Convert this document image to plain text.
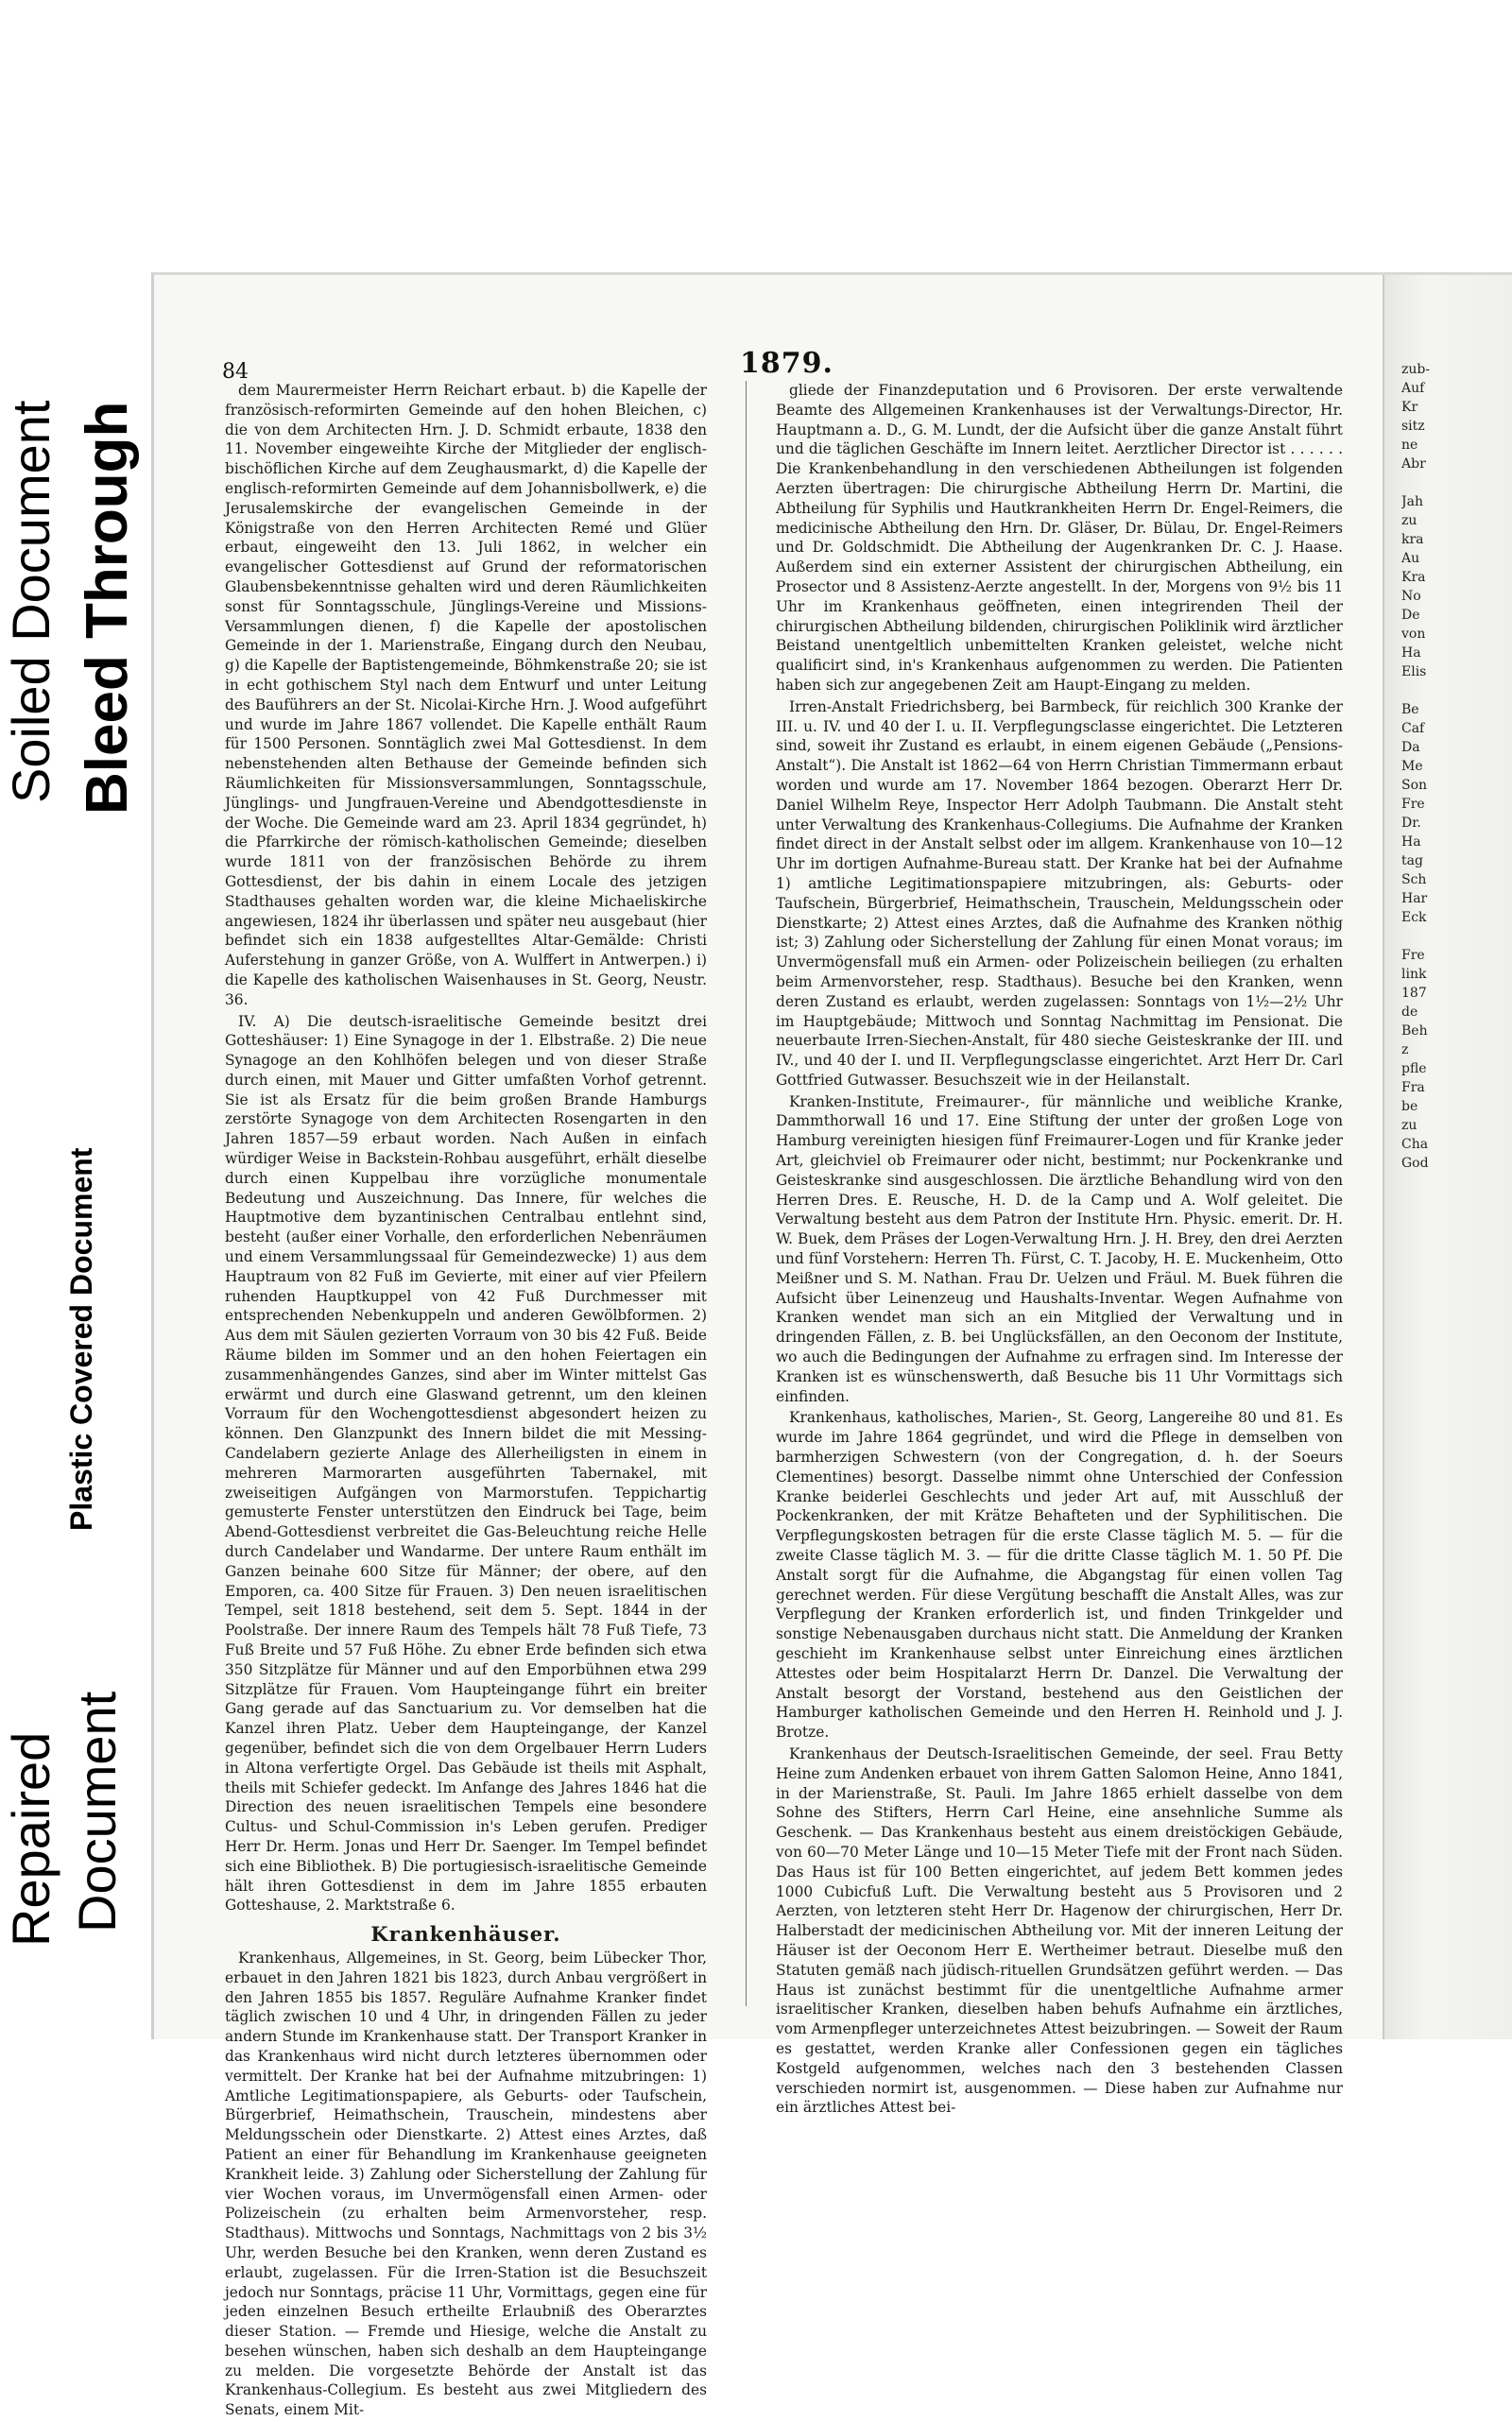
Soiled Document Bleed Through
Plastic Covered Document
Repaired Document
zub-
Auf
Kr
sitz
ne
Abr

Jah
zu
kra
Au
Kra
No
De
von
Ha
Elis

Be
Caf
Da
Me
Son
Fre
Dr.
Ha
tag
Sch
Har
Eck

Fre
link
187
de
Beh
z
pfle
Fra
be
zu
Cha
God
84	1879.

dem Maurermeister Herrn Reichart erbaut. b) die Kapelle der französisch-reformirten Gemeinde auf den hohen Bleichen, c) die von dem Architecten Hrn. J. D. Schmidt erbaute, 1838 den 11. November eingeweihte Kirche der Mitglieder der englisch-bischöflichen Kirche auf dem Zeughausmarkt, d) die Kapelle der englisch-reformirten Gemeinde auf dem Johannisbollwerk, e) die Jerusalemskirche der evangelischen Gemeinde in der Königstraße von den Herren Architecten Remé und Glüer erbaut, eingeweiht den 13. Juli 1862, in welcher ein evangelischer Gottesdienst auf Grund der reformatorischen Glaubensbekenntnisse gehalten wird und deren Räumlichkeiten sonst für Sonntagsschule, Jünglings-Vereine und Missions-Versammlungen dienen, f) die Kapelle der apostolischen Gemeinde in der 1. Marienstraße, Eingang durch den Neubau, g) die Kapelle der Baptistengemeinde, Böhmkenstraße 20; sie ist in echt gothischem Styl nach dem Entwurf und unter Leitung des Bauführers an der St. Nicolai-Kirche Hrn. J. Wood aufgeführt und wurde im Jahre 1867 vollendet. Die Kapelle enthält Raum für 1500 Personen. Sonntäglich zwei Mal Gottesdienst. In dem nebenstehenden alten Bethause der Gemeinde befinden sich Räumlichkeiten für Missionsversammlungen, Sonntagsschule, Jünglings- und Jungfrauen-Vereine und Abendgottesdienste in der Woche. Die Gemeinde ward am 23. April 1834 gegründet, h) die Pfarrkirche der römisch-katholischen Gemeinde; dieselben wurde 1811 von der französischen Behörde zu ihrem Gottesdienst, der bis dahin in einem Locale des jetzigen Stadthauses gehalten worden war, die kleine Michaeliskirche angewiesen, 1824 ihr überlassen und später neu ausgebaut (hier befindet sich ein 1838 aufgestelltes Altar-Gemälde: Christi Auferstehung in ganzer Größe, von A. Wulffert in Antwerpen.) i) die Kapelle des katholischen Waisenhauses in St. Georg, Neustr. 36.

IV. A) Die deutsch-israelitische Gemeinde besitzt drei Gotteshäuser: 1) Eine Synagoge in der 1. Elbstraße. 2) Die neue Synagoge an den Kohlhöfen belegen und von dieser Straße durch einen, mit Mauer und Gitter umfaßten Vorhof getrennt. Sie ist als Ersatz für die beim großen Brande Hamburgs zerstörte Synagoge von dem Architecten Rosengarten in den Jahren 1857—59 erbaut worden. Nach Außen in einfach würdiger Weise in Backstein-Rohbau ausgeführt, erhält dieselbe durch einen Kuppelbau ihre vorzügliche monumentale Bedeutung und Auszeichnung. Das Innere, für welches die Hauptmotive dem byzantinischen Centralbau entlehnt sind, besteht (außer einer Vorhalle, den erforderlichen Nebenräumen und einem Versammlungssaal für Gemeindezwecke) 1) aus dem Hauptraum von 82 Fuß im Gevierte, mit einer auf vier Pfeilern ruhenden Hauptkuppel von 42 Fuß Durchmesser mit entsprechenden Nebenkuppeln und anderen Gewölbformen. 2) Aus dem mit Säulen gezierten Vorraum von 30 bis 42 Fuß. Beide Räume bilden im Sommer und an den hohen Feiertagen ein zusammenhängendes Ganzes, sind aber im Winter mittelst Gas erwärmt und durch eine Glaswand getrennt, um den kleinen Vorraum für den Wochengottesdienst abgesondert heizen zu können. Den Glanzpunkt des Innern bildet die mit Messing-Candelabern gezierte Anlage des Allerheiligsten in einem in mehreren Marmorarten ausgeführten Tabernakel, mit zweiseitigen Aufgängen von Marmorstufen. Teppichartig gemusterte Fenster unterstützen den Eindruck bei Tage, beim Abend-Gottesdienst verbreitet die Gas-Beleuchtung reiche Helle durch Candelaber und Wandarme. Der untere Raum enthält im Ganzen beinahe 600 Sitze für Männer; der obere, auf den Emporen, ca. 400 Sitze für Frauen. 3) Den neuen israelitischen Tempel, seit 1818 bestehend, seit dem 5. Sept. 1844 in der Poolstraße. Der innere Raum des Tempels hält 78 Fuß Tiefe, 73 Fuß Breite und 57 Fuß Höhe. Zu ebner Erde befinden sich etwa 350 Sitzplätze für Männer und auf den Emporbühnen etwa 299 Sitzplätze für Frauen. Vom Haupteingange führt ein breiter Gang gerade auf das Sanctuarium zu. Vor demselben hat die Kanzel ihren Platz. Ueber dem Haupteingange, der Kanzel gegenüber, befindet sich die von dem Orgelbauer Herrn Luders in Altona verfertigte Orgel. Das Gebäude ist theils mit Asphalt, theils mit Schiefer gedeckt. Im Anfange des Jahres 1846 hat die Direction des neuen israelitischen Tempels eine besondere Cultus- und Schul-Commission in's Leben gerufen. Prediger Herr Dr. Herm. Jonas und Herr Dr. Saenger. Im Tempel befindet sich eine Bibliothek. B) Die portugiesisch-israelitische Gemeinde hält ihren Gottesdienst in dem im Jahre 1855 erbauten Gotteshause, 2. Marktstraße 6.

Krankenhäuser.

Krankenhaus, Allgemeines, in St. Georg, beim Lübecker Thor, erbauet in den Jahren 1821 bis 1823, durch Anbau vergrößert in den Jahren 1855 bis 1857. Reguläre Aufnahme Kranker findet täglich zwischen 10 und 4 Uhr, in dringenden Fällen zu jeder andern Stunde im Krankenhause statt. Der Transport Kranker in das Krankenhaus wird nicht durch letzteres übernommen oder vermittelt. Der Kranke hat bei der Aufnahme mitzubringen: 1) Amtliche Legitimationspapiere, als Geburts- oder Taufschein, Bürgerbrief, Heimathschein, Trauschein, mindestens aber Meldungsschein oder Dienstkarte. 2) Attest eines Arztes, daß Patient an einer für Behandlung im Krankenhause geeigneten Krankheit leide. 3) Zahlung oder Sicherstellung der Zahlung für vier Wochen voraus, im Unvermögensfall einen Armen- oder Polizeischein (zu erhalten beim Armenvorsteher, resp. Stadthaus). Mittwochs und Sonntags, Nachmittags von 2 bis 3½ Uhr, werden Besuche bei den Kranken, wenn deren Zustand es erlaubt, zugelassen. Für die Irren-Station ist die Besuchszeit jedoch nur Sonntags, präcise 11 Uhr, Vormittags, gegen eine für jeden einzelnen Besuch ertheilte Erlaubniß des Oberarztes dieser Station. — Fremde und Hiesige, welche die Anstalt zu besehen wünschen, haben sich deshalb an dem Haupteingange zu melden. Die vorgesetzte Behörde der Anstalt ist das Krankenhaus-Collegium. Es besteht aus zwei Mitgliedern des Senats, einem Mit-

gliede der Finanzdeputation und 6 Provisoren. Der erste verwaltende Beamte des Allgemeinen Krankenhauses ist der Verwaltungs-Director, Hr. Hauptmann a. D., G. M. Lundt, der die Aufsicht über die ganze Anstalt führt und die täglichen Geschäfte im Innern leitet. Aerztlicher Director ist . . . . . . Die Krankenbehandlung in den verschiedenen Abtheilungen ist folgenden Aerzten übertragen: Die chirurgische Abtheilung Herrn Dr. Martini, die Abtheilung für Syphilis und Hautkrankheiten Herrn Dr. Engel-Reimers, die medicinische Abtheilung den Hrn. Dr. Gläser, Dr. Bülau, Dr. Engel-Reimers und Dr. Goldschmidt. Die Abtheilung der Augenkranken Dr. C. J. Haase. Außerdem sind ein externer Assistent der chirurgischen Abtheilung, ein Prosector und 8 Assistenz-Aerzte angestellt. In der, Morgens von 9½ bis 11 Uhr im Krankenhaus geöffneten, einen integrirenden Theil der chirurgischen Abtheilung bildenden, chirurgischen Poliklinik wird ärztlicher Beistand unentgeltlich unbemittelten Kranken geleistet, welche nicht qualificirt sind, in's Krankenhaus aufgenommen zu werden. Die Patienten haben sich zur angegebenen Zeit am Haupt-Eingang zu melden.

Irren-Anstalt Friedrichsberg, bei Barmbeck, für reichlich 300 Kranke der III. u. IV. und 40 der I. u. II. Verpflegungsclasse eingerichtet. Die Letzteren sind, soweit ihr Zustand es erlaubt, in einem eigenen Gebäude („Pensions-Anstalt“). Die Anstalt ist 1862—64 von Herrn Christian Timmermann erbaut worden und wurde am 17. November 1864 bezogen. Oberarzt Herr Dr. Daniel Wilhelm Reye, Inspector Herr Adolph Taubmann. Die Anstalt steht unter Verwaltung des Krankenhaus-Collegiums. Die Aufnahme der Kranken findet direct in der Anstalt selbst oder im allgem. Krankenhause von 10—12 Uhr im dortigen Aufnahme-Bureau statt. Der Kranke hat bei der Aufnahme 1) amtliche Legitimationspapiere mitzubringen, als: Geburts- oder Taufschein, Bürgerbrief, Heimathschein, Trauschein, Meldungsschein oder Dienstkarte; 2) Attest eines Arztes, daß die Aufnahme des Kranken nöthig ist; 3) Zahlung oder Sicherstellung der Zahlung für einen Monat voraus; im Unvermögensfall muß ein Armen- oder Polizeischein beiliegen (zu erhalten beim Armenvorsteher, resp. Stadthaus). Besuche bei den Kranken, wenn deren Zustand es erlaubt, werden zugelassen: Sonntags von 1½—2½ Uhr im Hauptgebäude; Mittwoch und Sonntag Nachmittag im Pensionat. Die neuerbaute Irren-Siechen-Anstalt, für 480 sieche Geisteskranke der III. und IV., und 40 der I. und II. Verpflegungsclasse eingerichtet. Arzt Herr Dr. Carl Gottfried Gutwasser. Besuchszeit wie in der Heilanstalt.

Kranken-Institute, Freimaurer-, für männliche und weibliche Kranke, Dammthorwall 16 und 17. Eine Stiftung der unter der großen Loge von Hamburg vereinigten hiesigen fünf Freimaurer-Logen und für Kranke jeder Art, gleichviel ob Freimaurer oder nicht, bestimmt; nur Pockenkranke und Geisteskranke sind ausgeschlossen. Die ärztliche Behandlung wird von den Herren Dres. E. Reusche, H. D. de la Camp und A. Wolf geleitet. Die Verwaltung besteht aus dem Patron der Institute Hrn. Physic. emerit. Dr. H. W. Buek, dem Präses der Logen-Verwaltung Hrn. J. H. Brey, den drei Aerzten und fünf Vorstehern: Herren Th. Fürst, C. T. Jacoby, H. E. Muckenheim, Otto Meißner und S. M. Nathan. Frau Dr. Uelzen und Fräul. M. Buek führen die Aufsicht über Leinenzeug und Haushalts-Inventar. Wegen Aufnahme von Kranken wendet man sich an ein Mitglied der Verwaltung und in dringenden Fällen, z. B. bei Unglücksfällen, an den Oeconom der Institute, wo auch die Bedingungen der Aufnahme zu erfragen sind. Im Interesse der Kranken ist es wünschenswerth, daß Besuche bis 11 Uhr Vormittags sich einfinden.

Krankenhaus, katholisches, Marien-, St. Georg, Langereihe 80 und 81. Es wurde im Jahre 1864 gegründet, und wird die Pflege in demselben von barmherzigen Schwestern (von der Congregation, d. h. der Soeurs Clementines) besorgt. Dasselbe nimmt ohne Unterschied der Confession Kranke beiderlei Geschlechts und jeder Art auf, mit Ausschluß der Pockenkranken, der mit Krätze Behafteten und der Syphilitischen. Die Verpflegungskosten betragen für die erste Classe täglich M. 5. — für die zweite Classe täglich M. 3. — für die dritte Classe täglich M. 1. 50 Pf. Die Anstalt sorgt für die Aufnahme, die Abgangstag für einen vollen Tag gerechnet werden. Für diese Vergütung beschafft die Anstalt Alles, was zur Verpflegung der Kranken erforderlich ist, und finden Trinkgelder und sonstige Nebenausgaben durchaus nicht statt. Die Anmeldung der Kranken geschieht im Krankenhause selbst unter Einreichung eines ärztlichen Attestes oder beim Hospitalarzt Herrn Dr. Danzel. Die Verwaltung der Anstalt besorgt der Vorstand, bestehend aus den Geistlichen der Hamburger katholischen Gemeinde und den Herren H. Reinhold und J. J. Brotze.

Krankenhaus der Deutsch-Israelitischen Gemeinde, der seel. Frau Betty Heine zum Andenken erbauet von ihrem Gatten Salomon Heine, Anno 1841, in der Marienstraße, St. Pauli. Im Jahre 1865 erhielt dasselbe von dem Sohne des Stifters, Herrn Carl Heine, eine ansehnliche Summe als Geschenk. — Das Krankenhaus besteht aus einem dreistöckigen Gebäude, von 60—70 Meter Länge und 10—15 Meter Tiefe mit der Front nach Süden. Das Haus ist für 100 Betten eingerichtet, auf jedem Bett kommen jedes 1000 Cubicfuß Luft. Die Verwaltung besteht aus 5 Provisoren und 2 Aerzten, von letzteren steht Herr Dr. Hagenow der chirurgischen, Herr Dr. Halberstadt der medicinischen Abtheilung vor. Mit der inneren Leitung der Häuser ist der Oeconom Herr E. Wertheimer betraut. Dieselbe muß den Statuten gemäß nach jüdisch-rituellen Grundsätzen geführt werden. — Das Haus ist zunächst bestimmt für die unentgeltliche Aufnahme armer israelitischer Kranken, dieselben haben behufs Aufnahme ein ärztliches, vom Armenpfleger unterzeichnetes Attest beizubringen. — Soweit der Raum es gestattet, werden Kranke aller Confessionen gegen ein tägliches Kostgeld aufgenommen, welches nach den 3 bestehenden Classen verschieden normirt ist, ausgenommen. — Diese haben zur Aufnahme nur ein ärztliches Attest bei-
